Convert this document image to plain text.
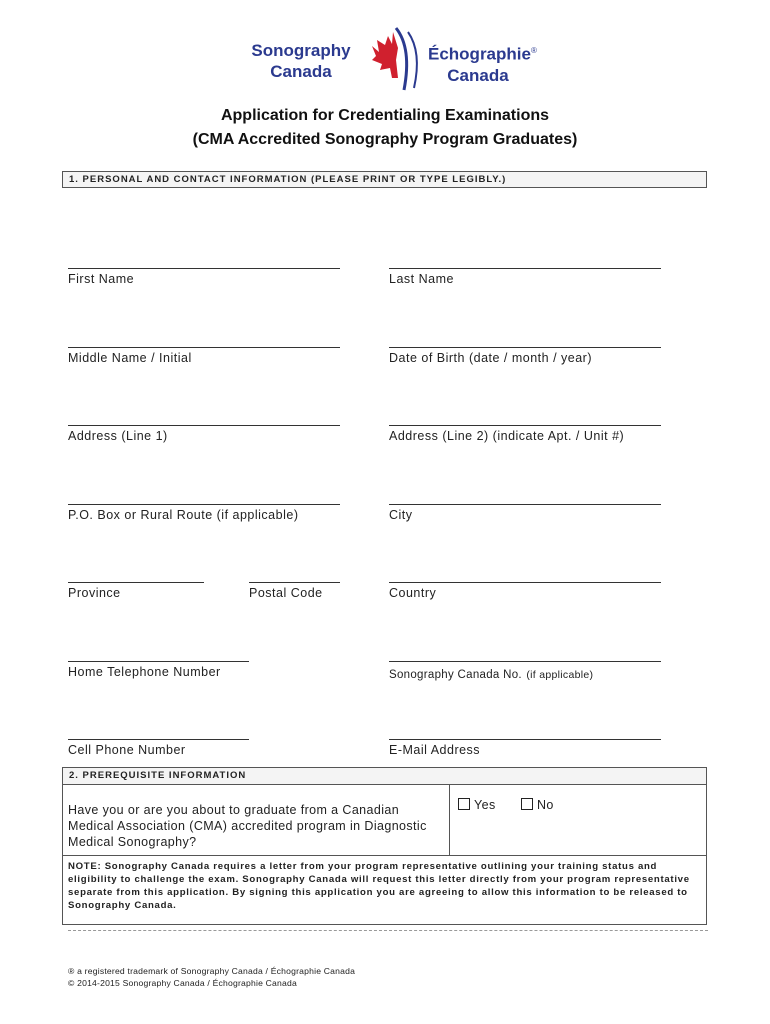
Sonography
Canada
Échographie®
Canada
Application for Credentialing Examinations
(CMA Accredited Sonography Program Graduates)
1. PERSONAL AND CONTACT INFORMATION (PLEASE PRINT OR TYPE LEGIBLY.)
First Name	Last Name
Middle Name / Initial	Date of Birth (date / month / year)
Address (Line 1)	Address (Line 2) (indicate Apt. / Unit #)
P.O. Box or Rural Route (if applicable)	City
Province	Postal Code	Country
Home Telephone Number	Sonography Canada No. (if applicable)
Cell Phone Number	E-Mail Address
2. PREREQUISITE INFORMATION
Have you or are you about to graduate from a Canadian Medical Association (CMA) accredited program in Diagnostic Medical Sonography?
Yes	No
NOTE: Sonography Canada requires a letter from your program representative outlining your training status and eligibility to challenge the exam. Sonography Canada will request this letter directly from your program representative separate from this application. By signing this application you are agreeing to allow this information to be released to Sonography Canada.
® a registered trademark of Sonography Canada / Échographie Canada
© 2014-2015 Sonography Canada / Échographie Canada
